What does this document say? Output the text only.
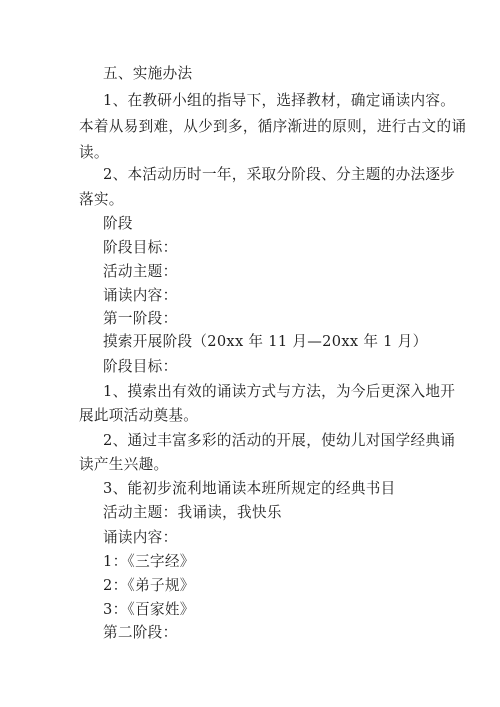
五、实施办法
1、在教研小组的指导下，选择教材，确定诵读内容。
本着从易到难，从少到多，循序渐进的原则，进行古文的诵
读。
2、本活动历时一年，采取分阶段、分主题的办法逐步
落实。
阶段
阶段目标：
活动主题：
诵读内容：
第一阶段：
摸索开展阶段（20xx 年 11 月—20xx 年 1 月）
阶段目标：
1、摸索出有效的诵读方式与方法，为今后更深入地开
展此项活动奠基。
2、通过丰富多彩的活动的开展，使幼儿对国学经典诵
读产生兴趣。
3、能初步流利地诵读本班所规定的经典书目
活动主题：我诵读，我快乐
诵读内容：
1：《三字经》
2：《弟子规》
3：《百家姓》
第二阶段：
